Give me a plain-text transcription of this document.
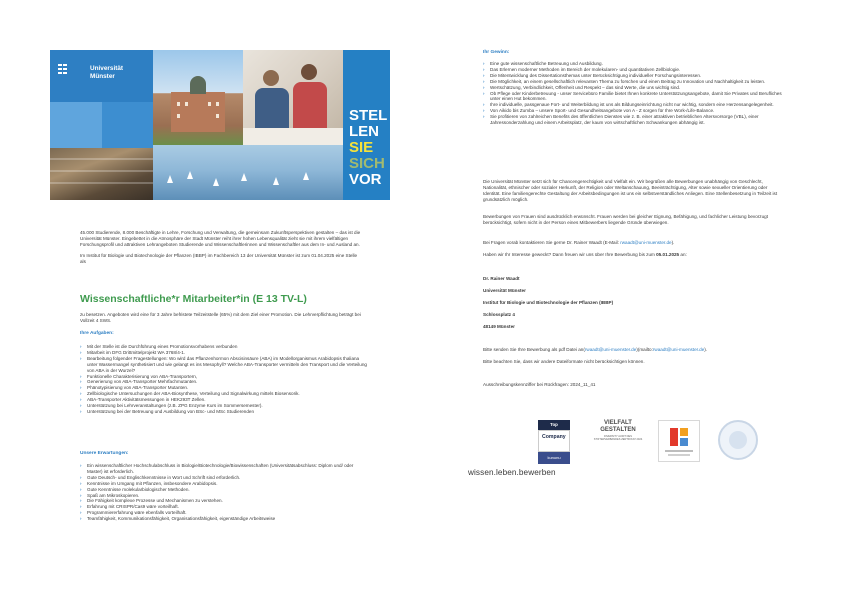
Universität
Münster
STEL
LEN
SIE
SICH
VOR

45.000 Studierende, 8.000 Beschäftigte in Lehre, Forschung und Verwaltung, die gemeinsam Zukunftsperspektiven gestalten – das ist die Universität Münster. Eingebettet in die Atmosphäre der Stadt Münster reiht ihrer hohen Lebensqualität zieht sie mit ihrem vielfältigen Forschungsprofil und attraktiven Lehrangeboten Studierende und Wissenschaftlerinnen und Wissenschaftler aus dem In- und Ausland an.

Im Institut für Biologie und Biotechnologie der Pflanzen (IBBP) im Fachbereich 13 der Universität Münster ist zum 01.04.2025 eine Stelle als

Wissenschaftliche*r Mitarbeiter*in (E 13 TV-L)
zu besetzen. Angeboten wird eine für 3 Jahre befristete Teilzeitstelle (65%) mit dem Ziel einer Promotion. Die Lehrverpflichtung beträgt bei Vollzeit 4 SWS.
Ihre Aufgaben:
› Mit der Stelle ist die Durchführung eines Promotionsvorhabens verbunden
› Mitarbeit im DFG Drittmittelprojekt WA 3768/4-1.
› Bearbeitung folgender Fragestellungen: Wo wird das Pflanzenhormon Abscisinsäure (ABA) im Modellorganismus Arabidopsis thaliana unter Wassermangel synthetisiert und wie gelangt es ins Mesophyll? Welche ABA-Transporter vermitteln den Transport und die Verteilung von ABA in der Wurzel?
› Funktionelle Charakterisierung von ABA-Transportern,
› Generierung von ABA-Transporter Mehrfachmutanten.
› Phänotypisierung von ABA-Transporter Mutanten.
› Zellbiologische Untersuchungen der ABA-Biosynthese, Verteilung und Signalwirkung mittels Biosensorik.
› ABA-Transporter Aktivitätsmessungen in HEK293T Zellen.
› Unterstützung bei Lehrveranstaltungen (z.B. ZPG Enzyme Kurs im Sommersemester).
› Unterstützung bei der Betreuung und Ausbildung von BSc- und MSc Studierenden
Unsere Erwartungen:
› Ein wissenschaftlicher Hochschulabschluss in Biologie/Biotechnologie/Biowissenschaften (Universitätsabschluss: Diplom und/ oder Master) ist erforderlich.
› Gute Deutsch- und Englischkenntnisse in Wort und Schrift sind erforderlich.
› Kenntnisse im Umgang mit Pflanzen, insbesondere Arabidopsis.
› Gute Kenntnisse molekularbiologischer Methoden.
› Spaß am Mikroskopieren.
› Die Fähigkeit komplexe Prozesse und Mechanismen zu verstehen.
› Erfahrung mit CRISPR/Cas9 wäre vorteilhaft.
› Programmiererfahrung wäre ebenfalls vorteilhaft.
› Teamfähigkeit, Kommunikationsfähigkeit, Organisationsfähigkeit, eigenständige Arbeitsweise
Ihr Gewinn:
› Eine gute wissenschaftliche Betreuung und Ausbildung.
› Das Erlernen moderner Methoden im Bereich der molekularen- und quantitativen Zellbiologie.
› Die Mitentwicklung des Dissertationsthemas unter Berücksichtigung individueller Forschungsinteressen.
› Die Möglichkeit, an einem gesellschaftlich relevanten Thema zu forschen und einen Beitrag zu Innovation und Nachhaltigkeit zu leisten.
› Wertschätzung, Verbindlichkeit, Offenheit und Respekt – das sind Werte, die uns wichtig sind.
› Ob Pflege oder Kinderbetreuung - unser Servicebüro Familie bietet Ihnen konkrete Unterstützungsangebote, damit Sie Privates und Berufliches unter einen Hut bekommen.
› Ihre individuelle, passgenaue Fort- und Weiterbildung ist uns als Bildungseinrichtung nicht nur wichtig, sondern eine Herzensangelegenheit.
› Von Aikido bis Zumba – unsere Sport- und Gesundheitsangebote von A - Z sorgen für Ihre Work-/Life-Balance.
› Sie profitieren von zahlreichen Benefits des öffentlichen Dienstes wie z. B. einer attraktiven betrieblichen Altersvorsorge (VBL), einer Jahressonderzahlung und einem Arbeitsplatz, der kaum von wirtschaftlichen Schwankungen abhängig ist.

Die Universität Münster setzt sich für Chancengerechtigkeit und Vielfalt ein. Wir begrüßen alle Bewerbungen unabhängig von Geschlecht, Nationalität, ethnischer oder sozialer Herkunft, der Religion oder Weltanschauung, Beeinträchtigung, Alter sowie sexueller Orientierung oder Identität. Eine familiengerechte Gestaltung der Arbeitsbedingungen ist uns ein selbstverständliches Anliegen. Eine Stellenbesetzung in Teilzeit ist grundsätzlich möglich.

Bewerbungen von Frauen sind ausdrücklich erwünscht. Frauen werden bei gleicher Eignung, Befähigung, und fachlicher Leistung bevorzugt berücksichtigt, sofern nicht in der Person eines Mitbewerbers liegende Gründe überwiegen.

Bei Fragen vorab kontaktieren Sie gerne Dr. Rainer Waadt (E-Mail: rwaadt@uni-muenster.de).

Haben wir Ihr Interesse geweckt? Dann freuen wir uns über Ihre Bewerbung bis zum 05.01.2025 an:

Dr. Rainer Waadt
Universität Münster
Institut für Biologie und Biotechnologie der Pflanzen (IBBP)
Schlossplatz 4
48149 Münster

Bitte senden Sie Ihre Bewerbung als pdf Datei an(rwaadt@uni-muenster.de)(mailto:rwaadt@uni-muenster.de).

Bitte beachten Sie, dass wir andere Dateiformate nicht berücksichtigen können.

Ausschreibungskennziffer bei Rückfragen: 2024_11_41

Top
Company
kununu
VIELFALT
GESTALTEN
DIVERSITY AUDIT DES STIFTERVERBANDES ZERTIFIKAT 2024
wissen.leben.bewerben
